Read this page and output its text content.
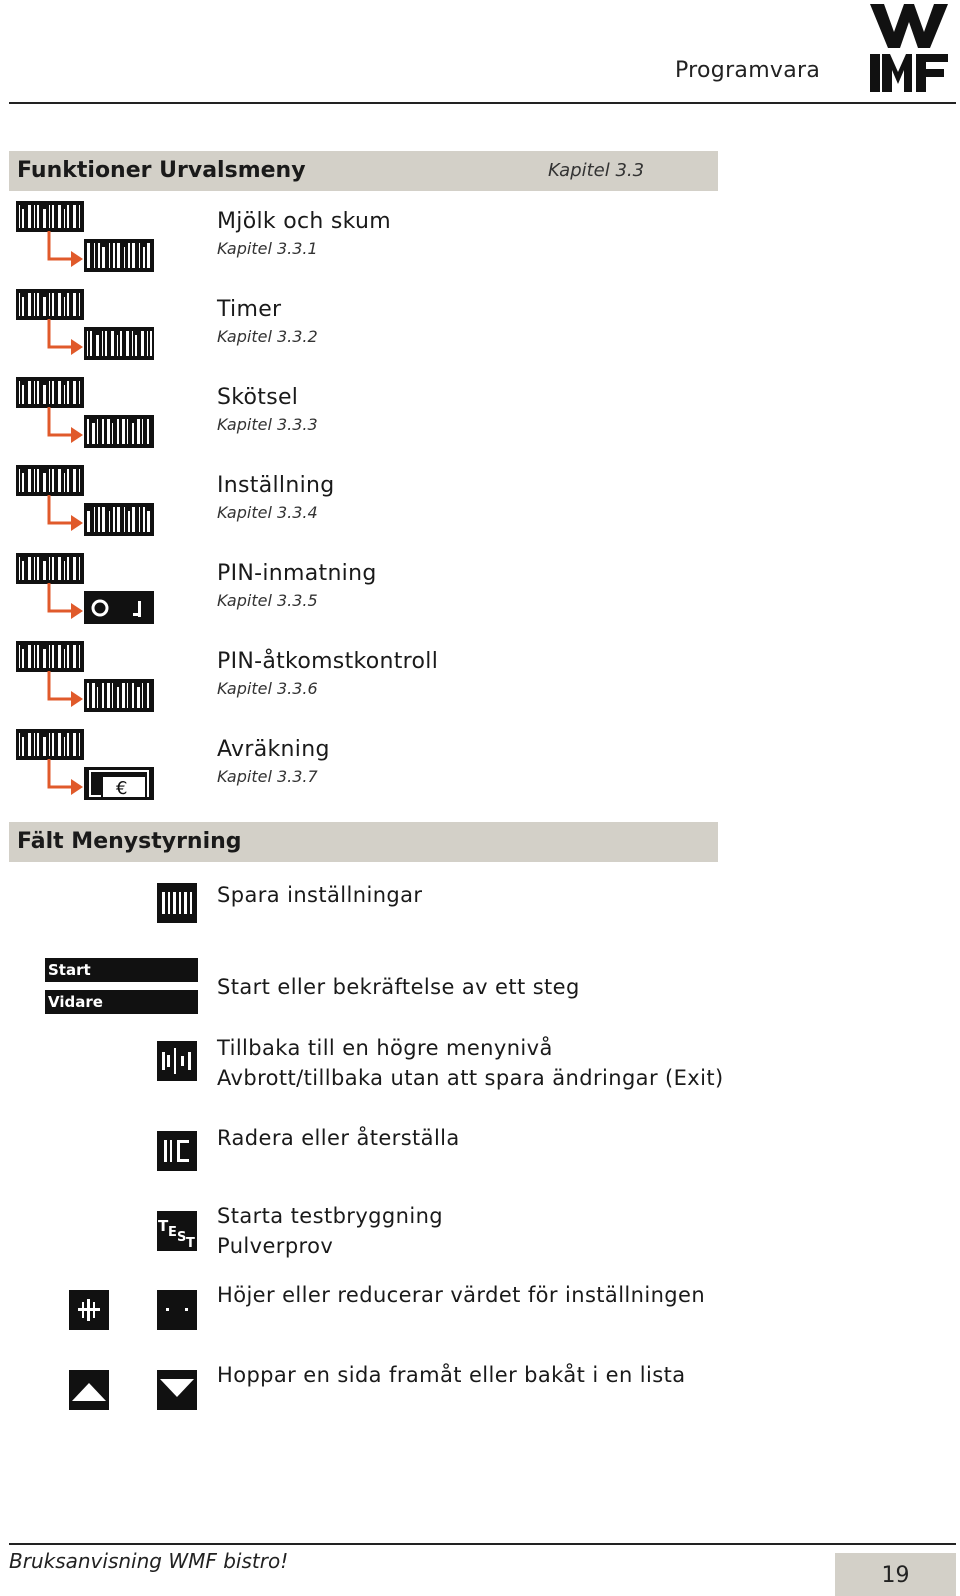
Programvara
Funktioner Urvalsmeny	Kapitel 3.3
Mjölk och skum
Kapitel 3.3.1
Timer
Kapitel 3.3.2
Skötsel
Kapitel 3.3.3
Inställning
Kapitel 3.3.4
PIN-inmatning
Kapitel 3.3.5
PIN-åtkomstkontroll
Kapitel 3.3.6
€
Avräkning
Kapitel 3.3.7
Fält Menystyrning
Spara inställningar
Start
Vidare
Start eller bekräftelse av ett steg
Tillbaka till en högre menynivå
Avbrott/tillbaka utan att spara ändringar (Exit)
Radera eller återställa
T E S T
Starta testbryggning
Pulverprov
Höjer eller reducerar värdet för inställningen
Hoppar en sida framåt eller bakåt i en lista
Bruksanvisning WMF bistro!
19
